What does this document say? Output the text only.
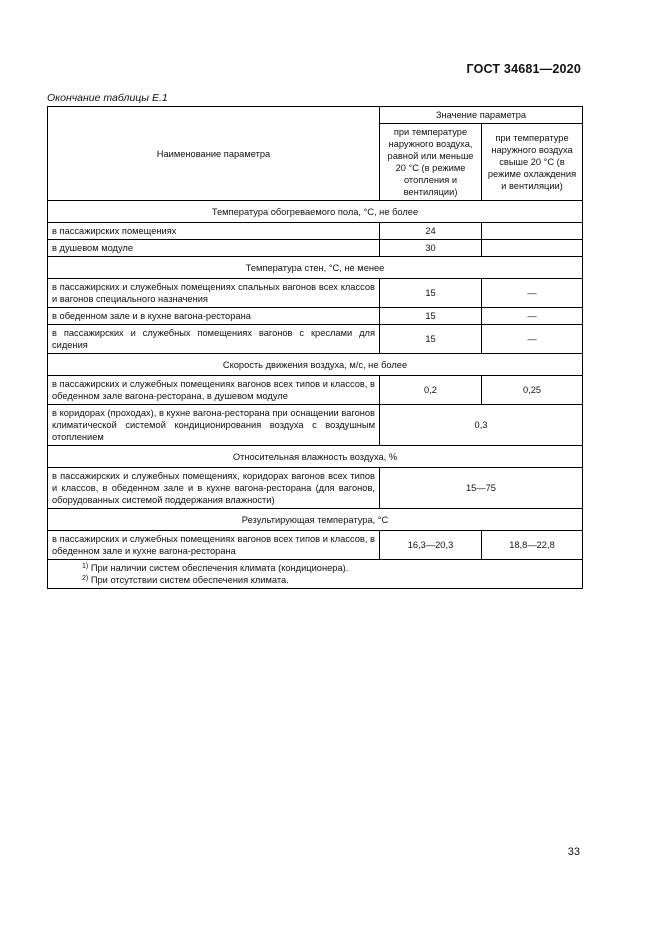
ГОСТ 34681—2020
Окончание таблицы Е.1
Наименование параметра	Значение параметра	
	при температуре наружного воздуха, равной или меньше 20 °С (в режиме отопления и вентиляции)	при температуре наружного воздуха свыше 20 °С (в режиме охлаждения и вентиляции)
Температура обогреваемого пола, °С, не более		
в пассажирских помещениях	24	
в душевом модуле	30	
Температура стен, °С, не менее		
в пассажирских и служебных помещениях спальных вагонов всех классов и вагонов специального назначения	15	—
в обеденном зале и в кухне вагона-ресторана	15	—
в пассажирских и служебных помещениях вагонов с креслами для сидения	15	—
Скорость движения воздуха, м/с, не более		
в пассажирских и служебных помещениях вагонов всех типов и классов, в обеденном зале вагона-ресторана, в душевом модуле	0,2	0,25
в коридорах (проходах), в кухне вагона-ресторана при оснащении вагонов климатической системой кондиционирования воздуха с воздушным отоплением	0,3	
Относительная влажность воздуха, %		
в пассажирских и служебных помещениях, коридорах вагонов всех типов и классов, в обеденном зале и в кухне вагона-ресторана (для вагонов, оборудованных системой поддержания влажности)	15—75	
Результирующая температура, °С		
в пассажирских и служебных помещениях вагонов всех типов и классов, в обеденном зале и кухне вагона-ресторана	16,3—20,3	18,8—22,8

$^{1)}$ При наличии систем обеспечения климата (кондиционера).
$^{2)}$ При отсутствии систем обеспечения климата.		
33
